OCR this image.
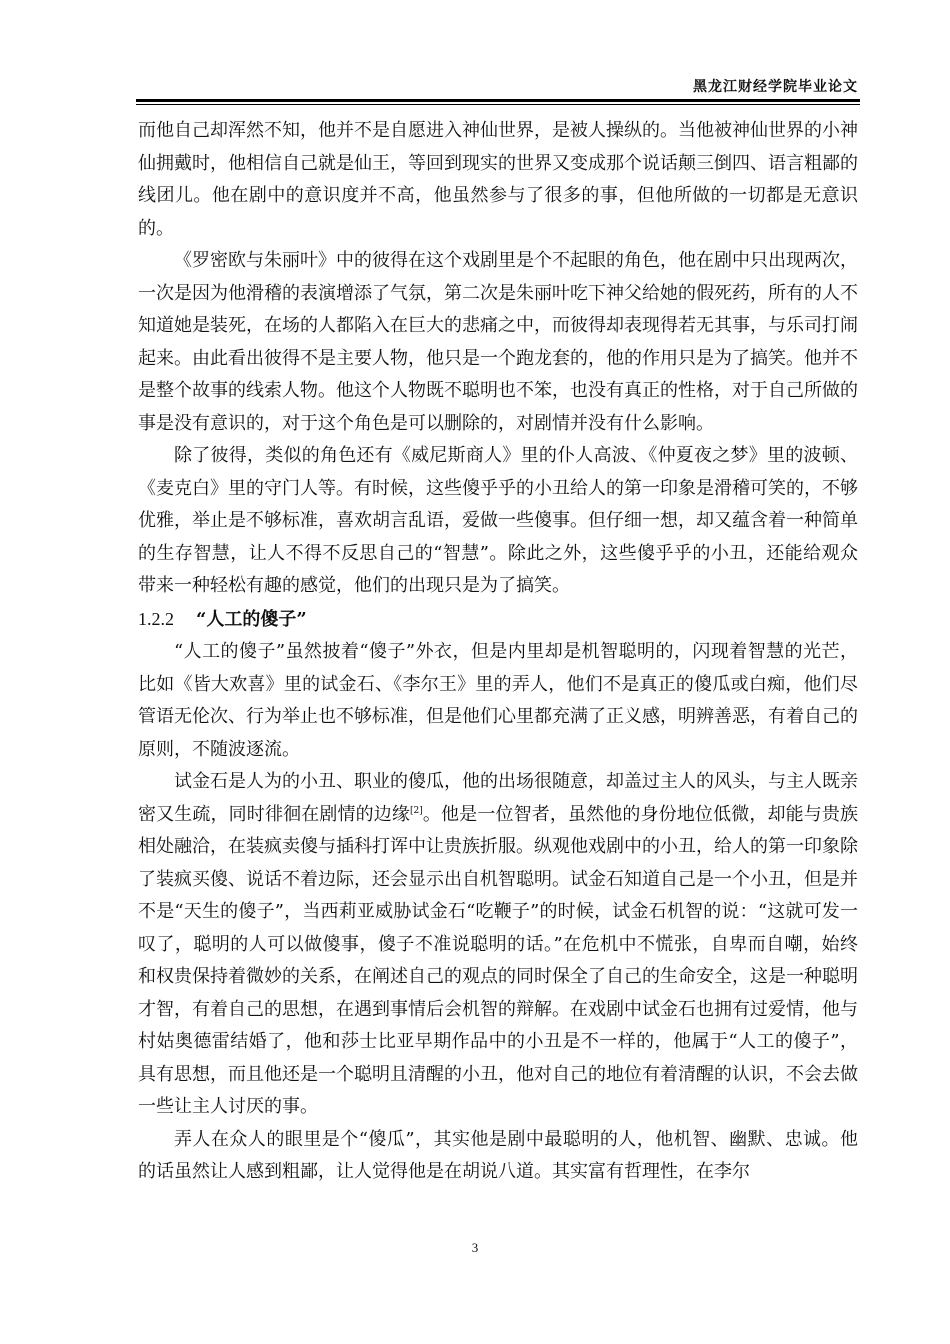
黑龙江财经学院毕业论文

而他自己却浑然不知，他并不是自愿进入神仙世界，是被人操纵的。当他被神仙世界的小神仙拥戴时，他相信自己就是仙王，等回到现实的世界又变成那个说话颠三倒四、语言粗鄙的线团儿。他在剧中的意识度并不高，他虽然参与了很多的事，但他所做的一切都是无意识的。

《罗密欧与朱丽叶》中的彼得在这个戏剧里是个不起眼的角色，他在剧中只出现两次，一次是因为他滑稽的表演增添了气氛，第二次是朱丽叶吃下神父给她的假死药，所有的人不知道她是装死，在场的人都陷入在巨大的悲痛之中，而彼得却表现得若无其事，与乐司打闹起来。由此看出彼得不是主要人物，他只是一个跑龙套的，他的作用只是为了搞笑。他并不是整个故事的线索人物。他这个人物既不聪明也不笨，也没有真正的性格，对于自己所做的事是没有意识的，对于这个角色是可以删除的，对剧情并没有什么影响。

除了彼得，类似的角色还有《威尼斯商人》里的仆人高波、《仲夏夜之梦》里的波顿、《麦克白》里的守门人等。有时候，这些傻乎乎的小丑给人的第一印象是滑稽可笑的，不够优雅，举止是不够标准，喜欢胡言乱语，爱做一些傻事。但仔细一想，却又蕴含着一种简单的生存智慧，让人不得不反思自己的“智慧”。除此之外，这些傻乎乎的小丑，还能给观众带来一种轻松有趣的感觉，他们的出现只是为了搞笑。

1.2.2 “人工的傻子”

“人工的傻子”虽然披着“傻子”外衣，但是内里却是机智聪明的，闪现着智慧的光芒，比如《皆大欢喜》里的试金石、《李尔王》里的弄人，他们不是真正的傻瓜或白痴，他们尽管语无伦次、行为举止也不够标准，但是他们心里都充满了正义感，明辨善恶，有着自己的原则，不随波逐流。

试金石是人为的小丑、职业的傻瓜，他的出场很随意，却盖过主人的风头，与主人既亲密又生疏，同时徘徊在剧情的边缘[2]。他是一位智者，虽然他的身份地位低微，却能与贵族相处融洽，在装疯卖傻与插科打诨中让贵族折服。纵观他戏剧中的小丑，给人的第一印象除了装疯买傻、说话不着边际，还会显示出自机智聪明。试金石知道自己是一个小丑，但是并不是“天生的傻子”，当西莉亚威胁试金石“吃鞭子”的时候，试金石机智的说：“这就可发一叹了，聪明的人可以做傻事，傻子不准说聪明的话。”在危机中不慌张，自卑而自嘲，始终和权贵保持着微妙的关系，在阐述自己的观点的同时保全了自己的生命安全，这是一种聪明才智，有着自己的思想，在遇到事情后会机智的辩解。在戏剧中试金石也拥有过爱情，他与村姑奥德雷结婚了，他和莎士比亚早期作品中的小丑是不一样的，他属于“人工的傻子”，具有思想，而且他还是一个聪明且清醒的小丑，他对自己的地位有着清醒的认识，不会去做一些让主人讨厌的事。

弄人在众人的眼里是个“傻瓜”，其实他是剧中最聪明的人，他机智、幽默、忠诚。他的话虽然让人感到粗鄙，让人觉得他是在胡说八道。其实富有哲理性，在李尔

3
